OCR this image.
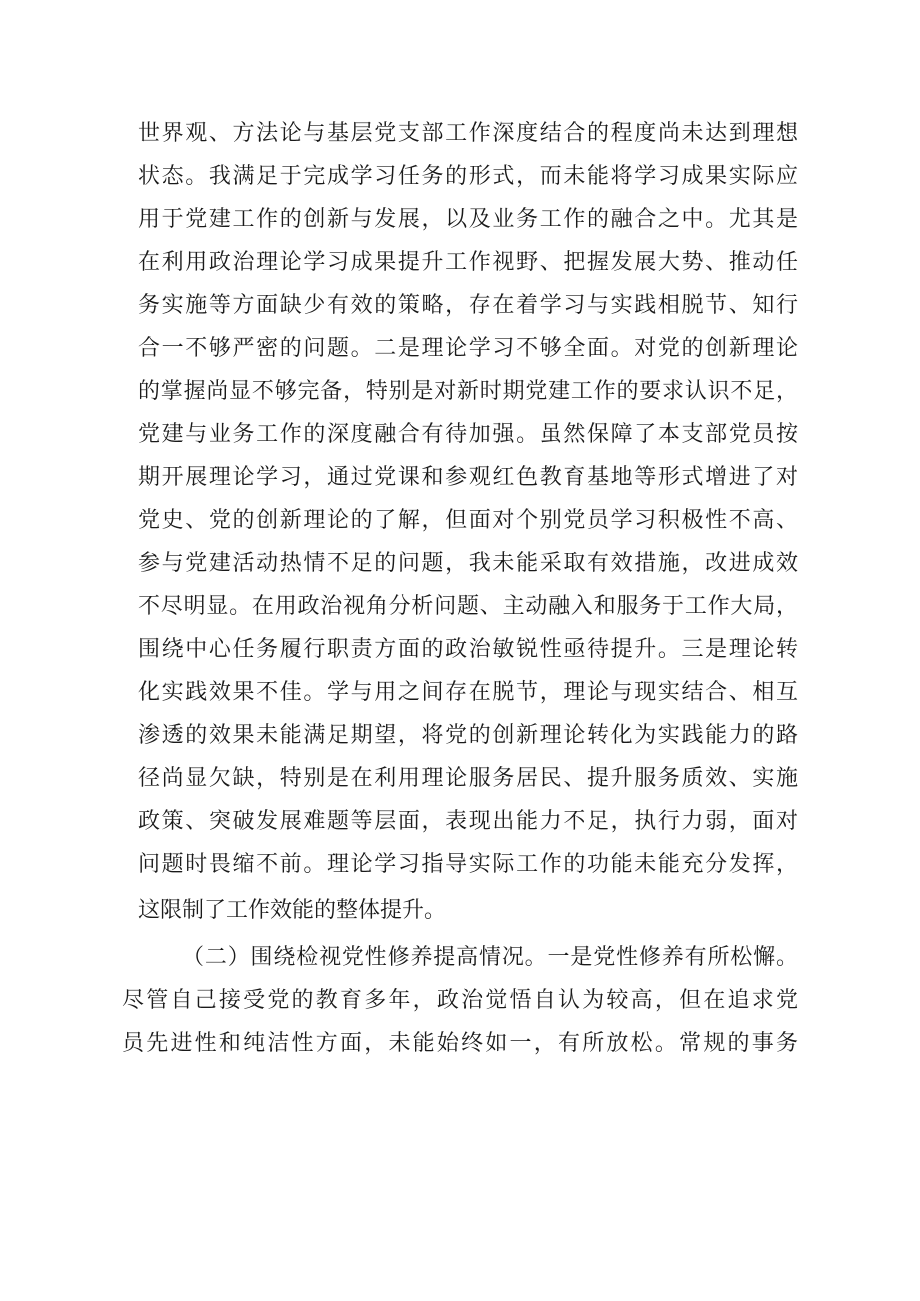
世界观、方法论与基层党支部工作深度结合的程度尚未达到理想
状态。我满足于完成学习任务的形式，而未能将学习成果实际应
用于党建工作的创新与发展，以及业务工作的融合之中。尤其是
在利用政治理论学习成果提升工作视野、把握发展大势、推动任
务实施等方面缺少有效的策略，存在着学习与实践相脱节、知行
合一不够严密的问题。二是理论学习不够全面。对党的创新理论
的掌握尚显不够完备，特别是对新时期党建工作的要求认识不足，
党建与业务工作的深度融合有待加强。虽然保障了本支部党员按
期开展理论学习，通过党课和参观红色教育基地等形式增进了对
党史、党的创新理论的了解，但面对个别党员学习积极性不高、
参与党建活动热情不足的问题，我未能采取有效措施，改进成效
不尽明显。在用政治视角分析问题、主动融入和服务于工作大局，
围绕中心任务履行职责方面的政治敏锐性亟待提升。三是理论转
化实践效果不佳。学与用之间存在脱节，理论与现实结合、相互
渗透的效果未能满足期望，将党的创新理论转化为实践能力的路
径尚显欠缺，特别是在利用理论服务居民、提升服务质效、实施
政策、突破发展难题等层面，表现出能力不足，执行力弱，面对
问题时畏缩不前。理论学习指导实际工作的功能未能充分发挥，
这限制了工作效能的整体提升。
（二）围绕检视党性修养提高情况。一是党性修养有所松懈。
尽管自己接受党的教育多年，政治觉悟自认为较高，但在追求党
员先进性和纯洁性方面，未能始终如一，有所放松。常规的事务
